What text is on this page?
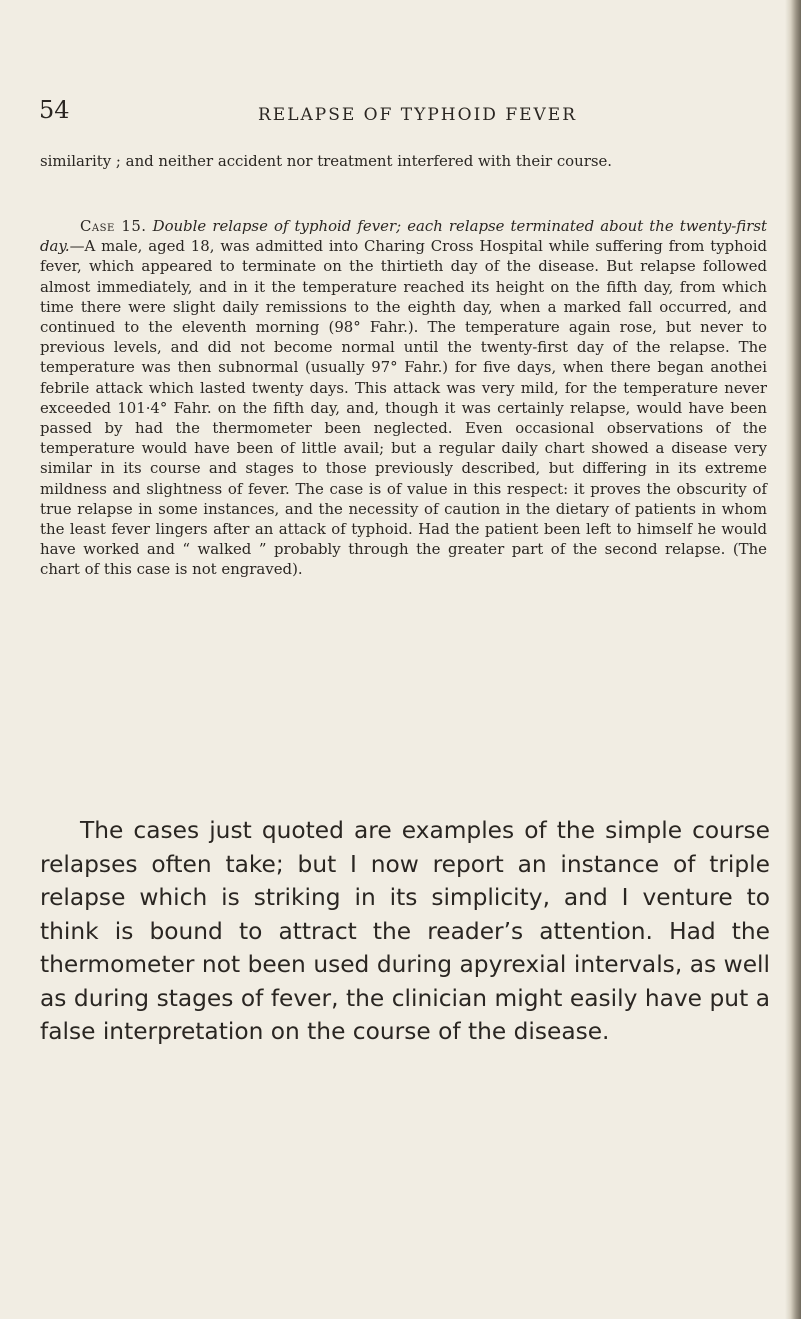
54	RELAPSE OF TYPHOID FEVER

similarity ; and neither accident nor treatment interfered with their course.

Case 15. Double relapse of typhoid fever; each relapse terminated about the twenty-first day.—A male, aged 18, was admitted into Charing Cross Hospital while suffering from typhoid fever, which appeared to terminate on the thirtieth day of the disease. But relapse followed almost immediately, and in it the temperature reached its height on the fifth day, from which time there were slight daily remissions to the eighth day, when a marked fall occurred, and continued to the eleventh morning (98° Fahr.). The temperature again rose, but never to previous levels, and did not become normal until the twenty-first day of the relapse. The temperature was then subnormal (usually 97° Fahr.) for five days, when there began anothei febrile attack which lasted twenty days. This attack was very mild, for the temperature never exceeded 101·4° Fahr. on the fifth day, and, though it was certainly relapse, would have been passed by had the thermometer been neglected. Even occasional observations of the temperature would have been of little avail; but a regular daily chart showed a disease very similar in its course and stages to those previously described, but differing in its extreme mildness and slightness of fever. The case is of value in this respect: it proves the obscurity of true relapse in some instances, and the necessity of caution in the dietary of patients in whom the least fever lingers after an attack of typhoid. Had the patient been left to himself he would have worked and “ walked ” probably through the greater part of the second relapse. (The chart of this case is not engraved).

The cases just quoted are examples of the simple course relapses often take; but I now report an instance of triple relapse which is striking in its simplicity, and I venture to think is bound to attract the reader’s attention. Had the thermometer not been used during apyrexial intervals, as well as during stages of fever, the clinician might easily have put a false interpretation on the course of the disease.
